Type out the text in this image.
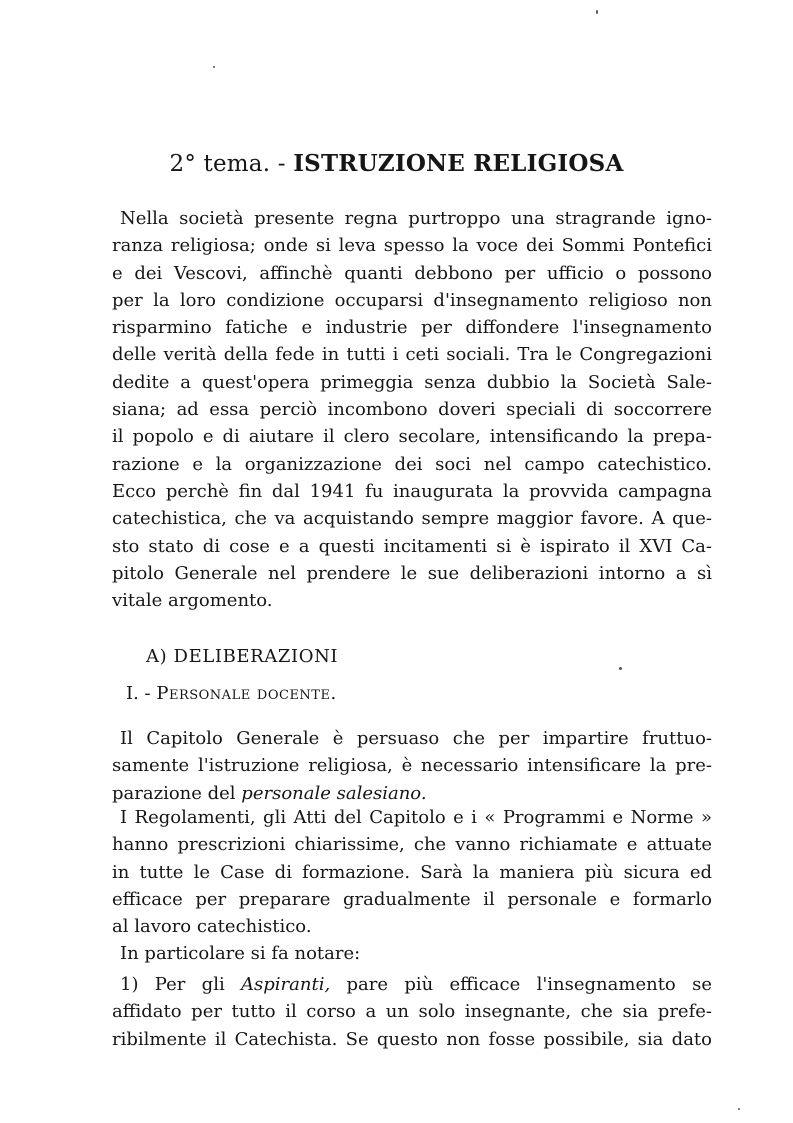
2° tema. - ISTRUZIONE RELIGIOSA
Nella società presente regna purtroppo una stragrande igno-
ranza religiosa; onde si leva spesso la voce dei Sommi Pontefici
e dei Vescovi, affinchè quanti debbono per ufficio o possono
per la loro condizione occuparsi d'insegnamento religioso non
risparmino fatiche e industrie per diffondere l'insegnamento
delle verità della fede in tutti i ceti sociali. Tra le Congregazioni
dedite a quest'opera primeggia senza dubbio la Società Sale-
siana; ad essa perciò incombono doveri speciali di soccorrere
il popolo e di aiutare il clero secolare, intensificando la prepa-
razione e la organizzazione dei soci nel campo catechistico.
Ecco perchè fin dal 1941 fu inaugurata la provvida campagna
catechistica, che va acquistando sempre maggior favore. A que-
sto stato di cose e a questi incitamenti si è ispirato il XVI Ca-
pitolo Generale nel prendere le sue deliberazioni intorno a sì
vitale argomento.
A) DELIBERAZIONI
I. - Personale docente.
Il Capitolo Generale è persuaso che per impartire fruttuo-
samente l'istruzione religiosa, è necessario intensificare la pre-
parazione del personale salesiano.
I Regolamenti, gli Atti del Capitolo e i « Programmi e Norme »
hanno prescrizioni chiarissime, che vanno richiamate e attuate
in tutte le Case di formazione. Sarà la maniera più sicura ed
efficace per preparare gradualmente il personale e formarlo
al lavoro catechistico.
In particolare si fa notare:
1) Per gli Aspiranti, pare più efficace l'insegnamento se
affidato per tutto il corso a un solo insegnante, che sia prefe-
ribilmente il Catechista. Se questo non fosse possibile, sia dato
